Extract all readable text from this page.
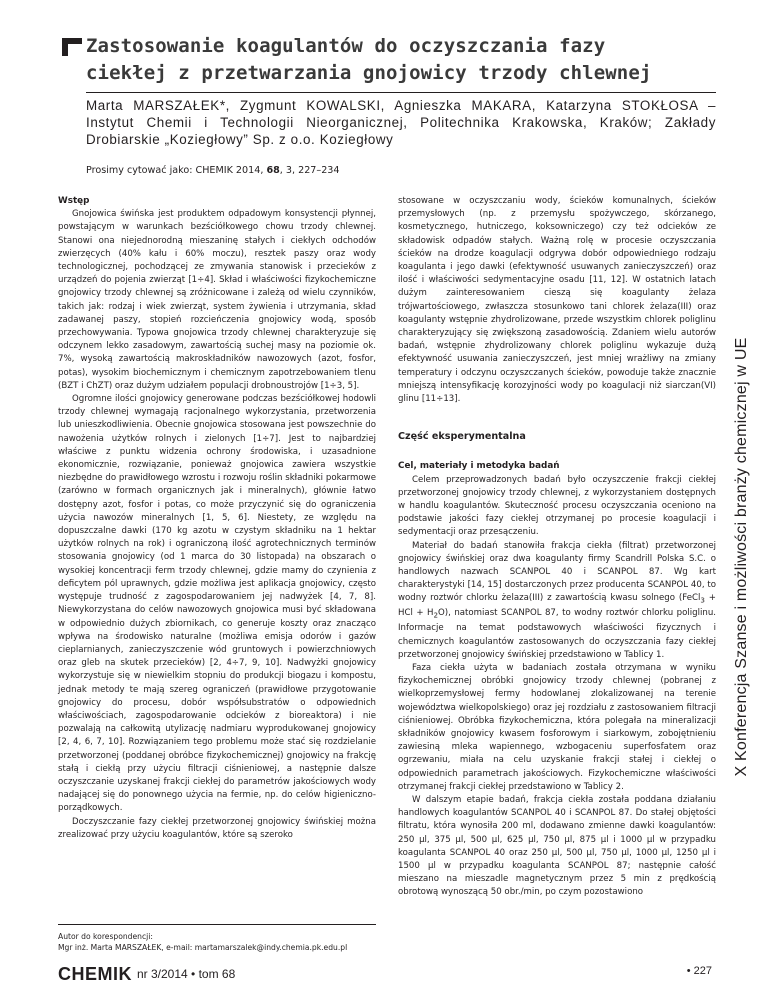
Zastosowanie koagulantów do oczyszczania fazy ciekłej z przetwarzania gnojowicy trzody chlewnej

Marta MARSZAŁEK*, Zygmunt KOWALSKI, Agnieszka MAKARA, Katarzyna STOKŁOSA – Instytut Chemii i Technologii Nieorganicznej, Politechnika Krakowska, Kraków; Zakłady Drobiarskie „Koziegłowy” Sp. z o.o. Koziegłowy

Prosimy cytować jako: CHEMIK 2014, 68, 3, 227–234
X Konferencja Szanse i możliwości branży chemicznej w UE

Wstęp

Gnojowica świńska jest produktem odpadowym konsystencji płynnej, powstającym w warunkach bezściółkowego chowu trzody chlewnej. Stanowi ona niejednorodną mieszaninę stałych i ciekłych odchodów zwierzęcych (40% kału i 60% moczu), resztek paszy oraz wody technologicznej, pochodzącej ze zmywania stanowisk i przecieków z urządzeń do pojenia zwierząt [1÷4]. Skład i właściwości fizykochemiczne gnojowicy trzody chlewnej są zróżnicowane i zależą od wielu czynników, takich jak: rodzaj i wiek zwierząt, system żywienia i utrzymania, skład zadawanej paszy, stopień rozcieńczenia gnojowicy wodą, sposób przechowywania. Typowa gnojowica trzody chlewnej charakteryzuje się odczynem lekko zasadowym, zawartością suchej masy na poziomie ok. 7%, wysoką zawartością makroskładników nawozowych (azot, fosfor, potas), wysokim biochemicznym i chemicznym zapotrzebowaniem tlenu (BZT i ChZT) oraz dużym udziałem populacji drobnoustrojów [1÷3, 5].

Ogromne ilości gnojowicy generowane podczas bezściółkowej hodowli trzody chlewnej wymagają racjonalnego wykorzystania, przetworzenia lub unieszkodliwienia. Obecnie gnojowica stosowana jest powszechnie do nawożenia użytków rolnych i zielonych [1÷7]. Jest to najbardziej właściwe z punktu widzenia ochrony środowiska, i uzasadnione ekonomicznie, rozwiązanie, ponieważ gnojowica zawiera wszystkie niezbędne do prawidłowego wzrostu i rozwoju roślin składniki pokarmowe (zarówno w formach organicznych jak i mineralnych), głównie łatwo dostępny azot, fosfor i potas, co może przyczynić się do ograniczenia użycia nawozów mineralnych [1, 5, 6]. Niestety, ze względu na dopuszczalne dawki (170 kg azotu w czystym składniku na 1 hektar użytków rolnych na rok) i ograniczoną ilość agrotechnicznych terminów stosowania gnojowicy (od 1 marca do 30 listopada) na obszarach o wysokiej koncentracji ferm trzody chlewnej, gdzie mamy do czynienia z deficytem pól uprawnych, gdzie możliwa jest aplikacja gnojowicy, często występuje trudność z zagospodarowaniem jej nadwyżek [4, 7, 8]. Niewykorzystana do celów nawozowych gnojowica musi być składowana w odpowiednio dużych zbiornikach, co generuje koszty oraz znacząco wpływa na środowisko naturalne (możliwa emisja odorów i gazów cieplarnianych, zanieczyszczenie wód gruntowych i powierzchniowych oraz gleb na skutek przecieków) [2, 4÷7, 9, 10]. Nadwyżki gnojowicy wykorzystuje się w niewielkim stopniu do produkcji biogazu i kompostu, jednak metody te mają szereg ograniczeń (prawidłowe przygotowanie gnojowicy do procesu, dobór współsubstratów o odpowiednich właściwościach, zagospodarowanie odcieków z bioreaktora) i nie pozwalają na całkowitą utylizację nadmiaru wyprodukowanej gnojowicy [2, 4, 6, 7, 10]. Rozwiązaniem tego problemu może stać się rozdzielanie przetworzonej (poddanej obróbce fizykochemicznej) gnojowicy na frakcję stałą i ciekłą przy użyciu filtracji ciśnieniowej, a następnie dalsze oczyszczanie uzyskanej frakcji ciekłej do parametrów jakościowych wody nadającej się do ponownego użycia na fermie, np. do celów higieniczno-porządkowych.

Doczyszczanie fazy ciekłej przetworzonej gnojowicy świńskiej można zrealizować przy użyciu koagulantów, które są szeroko

Autor do korespondencji:
Mgr inż. Marta MARSZAŁEK, e-mail: martamarszalek@indy.chemia.pk.edu.pl

stosowane w oczyszczaniu wody, ścieków komunalnych, ścieków przemysłowych (np. z przemysłu spożywczego, skórzanego, kosmetycznego, hutniczego, koksowniczego) czy też odcieków ze składowisk odpadów stałych. Ważną rolę w procesie oczyszczania ścieków na drodze koagulacji odgrywa dobór odpowiedniego rodzaju koagulanta i jego dawki (efektywność usuwanych zanieczyszczeń) oraz ilość i właściwości sedymentacyjne osadu [11, 12]. W ostatnich latach dużym zainteresowaniem cieszą się koagulanty żelaza trójwartościowego, zwłaszcza stosunkowo tani chlorek żelaza(III) oraz koagulanty wstępnie zhydrolizowane, przede wszystkim chlorek poliglinu charakteryzujący się zwiększoną zasadowością. Zdaniem wielu autorów badań, wstępnie zhydrolizowany chlorek poliglinu wykazuje dużą efektywność usuwania zanieczyszczeń, jest mniej wrażliwy na zmiany temperatury i odczynu oczyszczanych ścieków, powoduje także znacznie mniejszą intensyfikację korozyjności wody po koagulacji niż siarczan(VI) glinu [11÷13].

Część eksperymentalna

Cel, materiały i metodyka badań

Celem przeprowadzonych badań było oczyszczenie frakcji ciekłej przetworzonej gnojowicy trzody chlewnej, z wykorzystaniem dostępnych w handlu koagulantów. Skuteczność procesu oczyszczania oceniono na podstawie jakości fazy ciekłej otrzymanej po procesie koagulacji i sedymentacji oraz przesączeniu.

Materiał do badań stanowiła frakcja ciekła (filtrat) przetworzonej gnojowicy świńskiej oraz dwa koagulanty firmy Scandrill Polska S.C. o handlowych nazwach SCANPOL 40 i SCANPOL 87. Wg kart charakterystyki [14, 15] dostarczonych przez producenta SCANPOL 40, to wodny roztwór chlorku żelaza(III) z zawartością kwasu solnego (FeCl$_3$ + HCl + $H_2O$), natomiast SCANPOL 87, to wodny roztwór chlorku poliglinu. Informacje na temat podstawowych właściwości fizycznych i chemicznych koagulantów zastosowanych do oczyszczania fazy ciekłej przetworzonej gnojowicy świńskiej przedstawiono w Tablicy 1.

Faza ciekła użyta w badaniach została otrzymana w wyniku fizykochemicznej obróbki gnojowicy trzody chlewnej (pobranej z wielkoprzemysłowej fermy hodowlanej zlokalizowanej na terenie województwa wielkopolskiego) oraz jej rozdziału z zastosowaniem filtracji ciśnieniowej. Obróbka fizykochemiczna, która polegała na mineralizacji składników gnojowicy kwasem fosforowym i siarkowym, zobojętnieniu zawiesiną mleka wapiennego, wzbogaceniu superfosfatem oraz ogrzewaniu, miała na celu uzyskanie frakcji stałej i ciekłej o odpowiednich parametrach jakościowych. Fizykochemiczne właściwości otrzymanej frakcji ciekłej przedstawiono w Tablicy 2.

W dalszym etapie badań, frakcja ciekła została poddana działaniu handlowych koagulantów SCANPOL 40 i SCANPOL 87. Do stałej objętości filtratu, która wynosiła 200 ml, dodawano zmienne dawki koagulantów: 250 µl, 375 µl, 500 µl, 625 µl, 750 µl, 875 µl i 1000 µl w przypadku koagulanta SCANPOL 40 oraz 250 µl, 500 µl, 750 µl, 1000 µl, 1250 µl i 1500 µl w przypadku koagulanta SCANPOL 87; następnie całość mieszano na mieszadle magnetycznym przez 5 min z prędkością obrotową wynoszącą 50 obr./min, po czym pozostawiono

CHEMIK nr 3/2014 • tom 68	• 227
